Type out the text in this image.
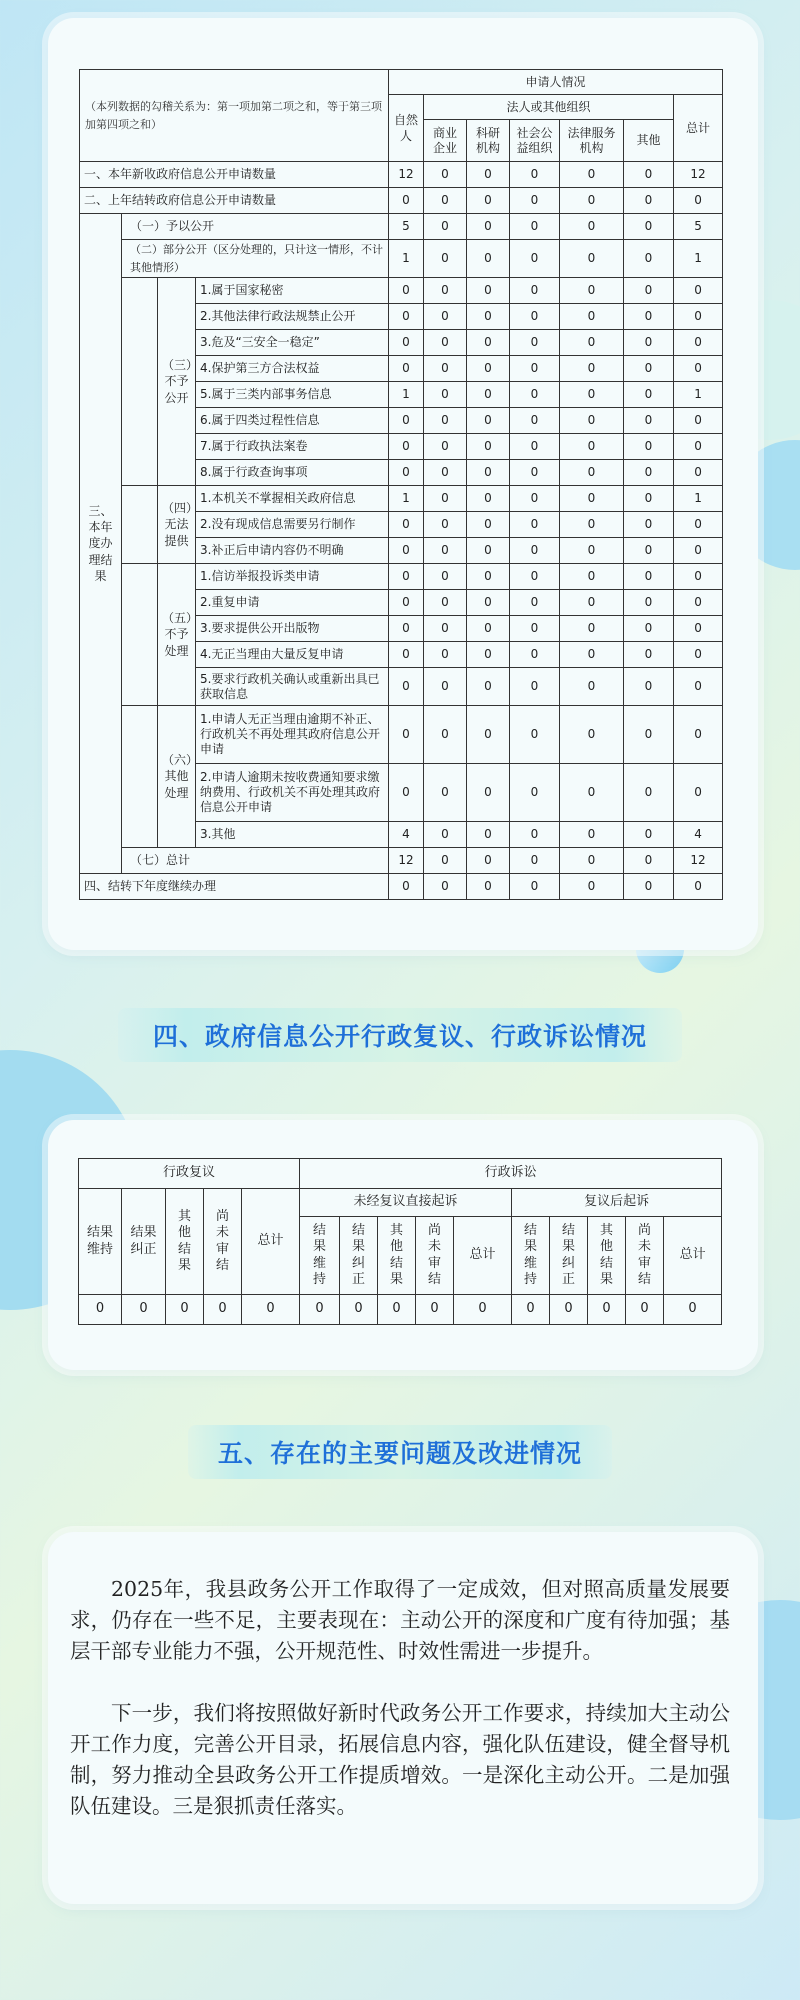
（本列数据的勾稽关系为：第一项加第二项之和，等于第三项加第四项之和）				申请人情况						
				自然人	法人或其他组织					总计
					商业企业	科研机构	社会公益组织	法律服务机构	其他	
一、本年新收政府信息公开申请数量				12	0	0	0	0	0	12
二、上年结转政府信息公开申请数量				0	0	0	0	0	0	0
三、本年度办理结果	（一）予以公开			5	0	0	0	0	0	5
	（二）部分公开（区分处理的，只计这一情形，不计其他情形）			1	0	0	0	0	0	1
		（三）不予公开	1.属于国家秘密	0	0	0	0	0	0	0
			2.其他法律行政法规禁止公开	0	0	0	0	0	0	0
			3.危及“三安全一稳定”	0	0	0	0	0	0	0
			4.保护第三方合法权益	0	0	0	0	0	0	0
			5.属于三类内部事务信息	1	0	0	0	0	0	1
			6.属于四类过程性信息	0	0	0	0	0	0	0
			7.属于行政执法案卷	0	0	0	0	0	0	0
			8.属于行政查询事项	0	0	0	0	0	0	0
		（四）无法提供	1.本机关不掌握相关政府信息	1	0	0	0	0	0	1
			2.没有现成信息需要另行制作	0	0	0	0	0	0	0
			3.补正后申请内容仍不明确	0	0	0	0	0	0	0
		（五）不予处理	1.信访举报投诉类申请	0	0	0	0	0	0	0
			2.重复申请	0	0	0	0	0	0	0
			3.要求提供公开出版物	0	0	0	0	0	0	0
			4.无正当理由大量反复申请	0	0	0	0	0	0	0
			5.要求行政机关确认或重新出具已获取信息	0	0	0	0	0	0	0
		（六）其他处理	1.申请人无正当理由逾期不补正、行政机关不再处理其政府信息公开申请	0	0	0	0	0	0	0
			2.申请人逾期未按收费通知要求缴纳费用、行政机关不再处理其政府信息公开申请	0	0	0	0	0	0	0
			3.其他	4	0	0	0	0	0	4
	（七）总计			12	0	0	0	0	0	12
四、结转下年度继续办理				0	0	0	0	0	0	0
四、政府信息公开行政复议、行政诉讼情况
行政复议					行政诉讼									
结果维持	结果纠正	其他结果	尚未审结	总计	未经复议直接起诉					复议后起诉				
					结果维持	结果纠正	其他结果	尚未审结	总计	结果维持	结果纠正	其他结果	尚未审结	总计
0	0	0	0	0	0	0	0	0	0	0	0	0	0	0
五、存在的主要问题及改进情况

2025年，我县政务公开工作取得了一定成效，但对照高质量发展要求，仍存在一些不足，主要表现在：主动公开的深度和广度有待加强；基层干部专业能力不强，公开规范性、时效性需进一步提升。

下一步，我们将按照做好新时代政务公开工作要求，持续加大主动公开工作力度，完善公开目录，拓展信息内容，强化队伍建设，健全督导机制，努力推动全县政务公开工作提质增效。一是深化主动公开。二是加强队伍建设。三是狠抓责任落实。
